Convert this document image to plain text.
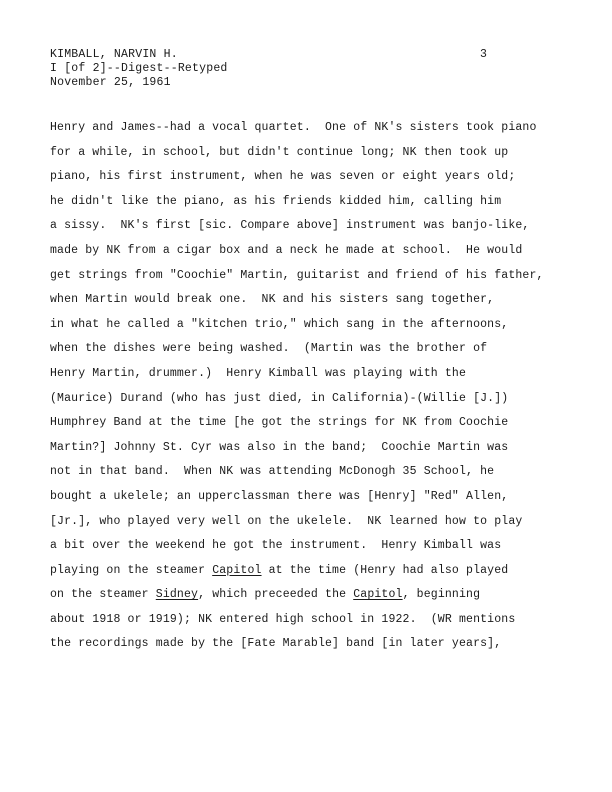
KIMBALL, NARVIN H.
I [of 2]--Digest--Retyped
November 25, 1961
3
Henry and James--had a vocal quartet.  One of NK's sisters took piano
for a while, in school, but didn't continue long; NK then took up
piano, his first instrument, when he was seven or eight years old;
he didn't like the piano, as his friends kidded him, calling him
a sissy.  NK's first [sic. Compare above] instrument was banjo-like,
made by NK from a cigar box and a neck he made at school.  He would
get strings from "Coochie" Martin, guitarist and friend of his father,
when Martin would break one.  NK and his sisters sang together,
in what he called a "kitchen trio," which sang in the afternoons,
when the dishes were being washed.  (Martin was the brother of
Henry Martin, drummer.)  Henry Kimball was playing with the
(Maurice) Durand (who has just died, in California)-(Willie [J.])
Humphrey Band at the time [he got the strings for NK from Coochie
Martin?] Johnny St. Cyr was also in the band;  Coochie Martin was
not in that band.  When NK was attending McDonogh 35 School, he
bought a ukelele; an upperclassman there was [Henry] "Red" Allen,
[Jr.], who played very well on the ukelele.  NK learned how to play
a bit over the weekend he got the instrument.  Henry Kimball was
playing on the steamer Capitol at the time (Henry had also played
on the steamer Sidney, which preceeded the Capitol, beginning
about 1918 or 1919); NK entered high school in 1922.  (WR mentions
the recordings made by the [Fate Marable] band [in later years],
